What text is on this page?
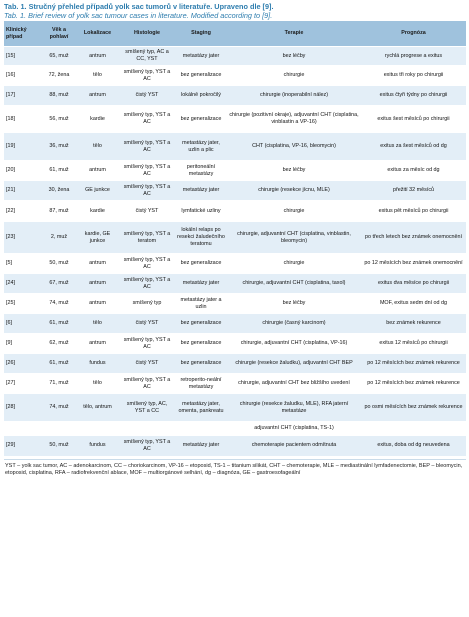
Tab. 1. Stručný přehled případů yolk sac tumorů v literatuře. Upraveno dle [9].
Tab. 1. Brief review of yolk sac tumour cases in literature. Modified according to [9].
Klinický případ	Věk a pohlaví	Lokalizace	Histologie	Staging	Terapie	Prognóza
[15]	65, muž	antrum	smíšený typ, AC a CC, YST	metastázy jater	bez léčby	rychlá progrese a exitus
[16]	72, žena	tělo	smíšený typ, YST a AC	bez generalizace	chirurgie	exitus tři roky po chirurgii
[17]	88, muž	antrum	čistý YST	lokálně pokročilý	chirurgie (inoperabilní nález)	exitus čtyři týdny po chirurgii
[18]	56, muž	kardie	smíšený typ, YST a AC	bez generalizace	chirurgie (pozitivní okraje), adjuvantní CHT (cisplatina, vinblastin a VP-16)	exitus šest měsíců po chirurgii
[19]	36, muž	tělo	smíšený typ, YST a AC	metastázy jater, uzlin a plic	CHT (cisplatina, VP-16, bleomycin)	exitus za šest měsíců od dg
[20]	61, muž	antrum	smíšený typ, YST a AC	peritoneální metastázy	bez léčby	exitus za měsíc od dg
[21]	30, žena	GE junkce	smíšený typ, YST a AC	metastázy jater	chirurgie (resekce jícnu, MLE)	přežití 32 měsíců
[22]	87, muž	kardie	čistý YST	lymfatické uzliny	chirurgie	exitus pět měsíců po chirurgii
[23]	2, muž	kardie, GE junkce	smíšený typ, YST a teratom	lokální relaps po resekci žaludečního teratomu	chirurgie, adjuvantní CHT (cisplatina, vinblastin, bleomycin)	po třech letech bez známek onemocnění
[5]	50, muž	antrum	smíšený typ, YST a AC	bez generalizace	chirurgie	po 12 měsících bez známek onemocnění
[24]	67, muž	antrum	smíšený typ, YST a AC	metastázy jater	chirurgie, adjuvantní CHT (cisplatina, taxol)	exitus dva měsíce po chirurgii
[25]	74, muž	antrum	smíšený typ	metastázy jater a uzlin	bez léčby	MOF, exitus sedm dní od dg
[6]	61, muž	tělo	čistý YST	bez generalizace	chirurgie (časný karcinom)	bez známek rekurence
[9]	62, muž	antrum	smíšený typ, YST a AC	bez generalizace	chirurgie, adjuvantní CHT (cisplatina, VP-16)	exitus 12 měsíců po chirurgii
[26]	61, muž	fundus	čistý YST	bez generalizace	chirurgie (resekce žaludku), adjuvantní CHT BEP	po 12 měsících bez známek rekurence
[27]	71, muž	tělo	smíšený typ, YST a AC	retroperito-neální metastázy	chirurgie, adjuvantní CHT bez bližšího uvedení	po 12 měsících bez známek rekurence
[28]	74, muž	tělo, antrum	smíšený typ, AC, YST a CC	metastázy jater, omenta, pankreatu	chirurgie (resekce žaludku, MLE), RFA jaterní metastáze	po osmi měsících bez známek rekurence
					adjuvantní CHT (cisplatina, TS-1)	
[29]	50, muž	fundus	smíšený typ, YST a AC	metastázy jater	chemoterapie pacientem odmítnuta	exitus, doba od dg neuvedena
YST – yolk sac tumor, AC – adenokarcinom, CC – choriokarcinom, VP-16 – etoposid, TS-1 – titanium silikát, CHT – chemoterapie, MLE – mediastinální lymfadenectomie, BEP – bleomycin, etoposid, cisplatina, RFA – radiofrekvenční ablace, MOF – multiorgánové selhání, dg – diagnóza, GE – gastroesofageální
